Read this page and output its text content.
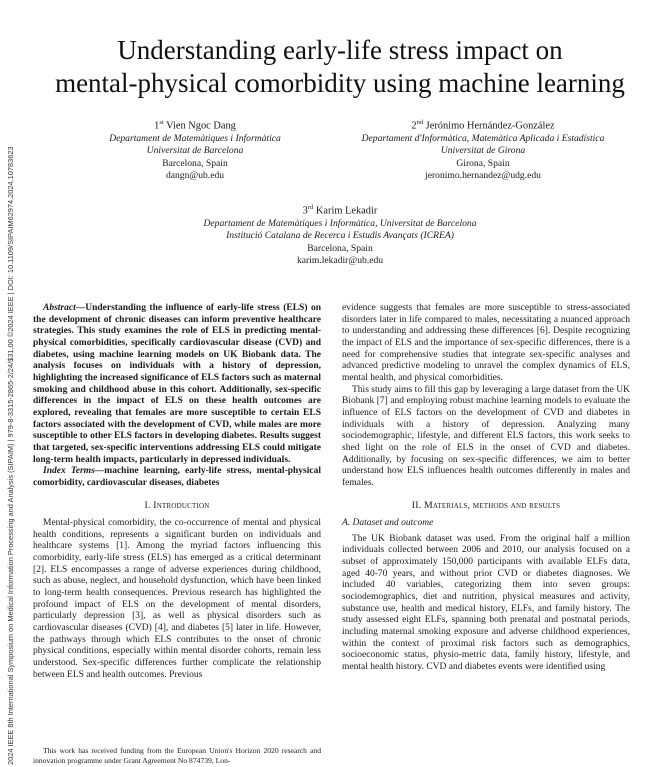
2024 IEEE 8th International Symposium on Medical Information Processing and Analysis (SIPAIM) | 979-8-3315-2865-2/24/$31.00 ©2024 IEEE | DOI: 10.1109/SIPAIM62974.2024.10783623
Understanding early-life stress impact on
mental-physical comorbidity using machine learning
1st Vien Ngoc Dang
Departament de Matemàtiques i Informàtica
Universitat de Barcelona
Barcelona, Spain
dangn@ub.edu
2nd Jerónimo Hernández-González
Departament d'Informàtica, Matemàtica Aplicada i Estadística
Universitat de Girona
Girona, Spain
jeronimo.hernandez@udg.edu
3rd Karim Lekadir
Departament de Matemàtiques i Informàtica, Universitat de Barcelona
Institució Catalana de Recerca i Estudis Avançats (ICREA)
Barcelona, Spain
karim.lekadir@ub.edu

Abstract—Understanding the influence of early-life stress (ELS) on the development of chronic diseases can inform preventive healthcare strategies. This study examines the role of ELS in predicting mental-physical comorbidities, specifically cardiovascular disease (CVD) and diabetes, using machine learning models on UK Biobank data. The analysis focuses on individuals with a history of depression, highlighting the increased significance of ELS factors such as maternal smoking and childhood abuse in this cohort. Additionally, sex-specific differences in the impact of ELS on these health outcomes are explored, revealing that females are more susceptible to certain ELS factors associated with the development of CVD, while males are more susceptible to other ELS factors in developing diabetes. Results suggest that targeted, sex-specific interventions addressing ELS could mitigate long-term health impacts, particularly in depressed individuals.

Index Terms—machine learning, early-life stress, mental-physical comorbidity, cardiovascular diseases, diabetes

I. Introduction

Mental-physical comorbidity, the co-occurrence of mental and physical health conditions, represents a significant burden on individuals and healthcare systems [1]. Among the myriad factors influencing this comorbidity, early-life stress (ELS) has emerged as a critical determinant [2]. ELS encompasses a range of adverse experiences during childhood, such as abuse, neglect, and household dysfunction, which have been linked to long-term health consequences. Previous research has highlighted the profound impact of ELS on the development of mental disorders, particularly depression [3], as well as physical disorders such as cardiovascular diseases (CVD) [4], and diabetes [5] later in life. However, the pathways through which ELS contributes to the onset of chronic physical conditions, especially within mental disorder cohorts, remain less understood. Sex-specific differences further complicate the relationship between ELS and health outcomes. Previous

evidence suggests that females are more susceptible to stress-associated disorders later in life compared to males, necessitating a nuanced approach to understanding and addressing these differences [6]. Despite recognizing the impact of ELS and the importance of sex-specific differences, there is a need for comprehensive studies that integrate sex-specific analyses and advanced predictive modeling to unravel the complex dynamics of ELS, mental health, and physical comorbidities.

This study aims to fill this gap by leveraging a large dataset from the UK Biobank [7] and employing robust machine learning models to evaluate the influence of ELS factors on the development of CVD and diabetes in individuals with a history of depression. Analyzing many sociodemographic, lifestyle, and different ELS factors, this work seeks to shed light on the role of ELS in the onset of CVD and diabetes. Additionally, by focusing on sex-specific differences, we aim to better understand how ELS influences health outcomes differently in males and females.

II. Materials, methods and results

A. Dataset and outcome

The UK Biobank dataset was used. From the original half a million individuals collected between 2006 and 2010, our analysis focused on a subset of approximately 150,000 participants with available ELFs data, aged 40-70 years, and without prior CVD or diabetes diagnoses. We included 40 variables, categorizing them into seven groups: sociodemographics, diet and nutrition, physical measures and activity, substance use, health and medical history, ELFs, and family history. The study assessed eight ELFs, spanning both prenatal and postnatal periods, including maternal smoking exposure and adverse childhood experiences, within the context of proximal risk factors such as demographics, socioeconomic status, physio-metric data, family history, lifestyle, and mental health history. CVD and diabetes events were identified using

This work has received funding from the European Union's Horizon 2020 research and innovation programme under Grant Agreement No 874739, Lon-
